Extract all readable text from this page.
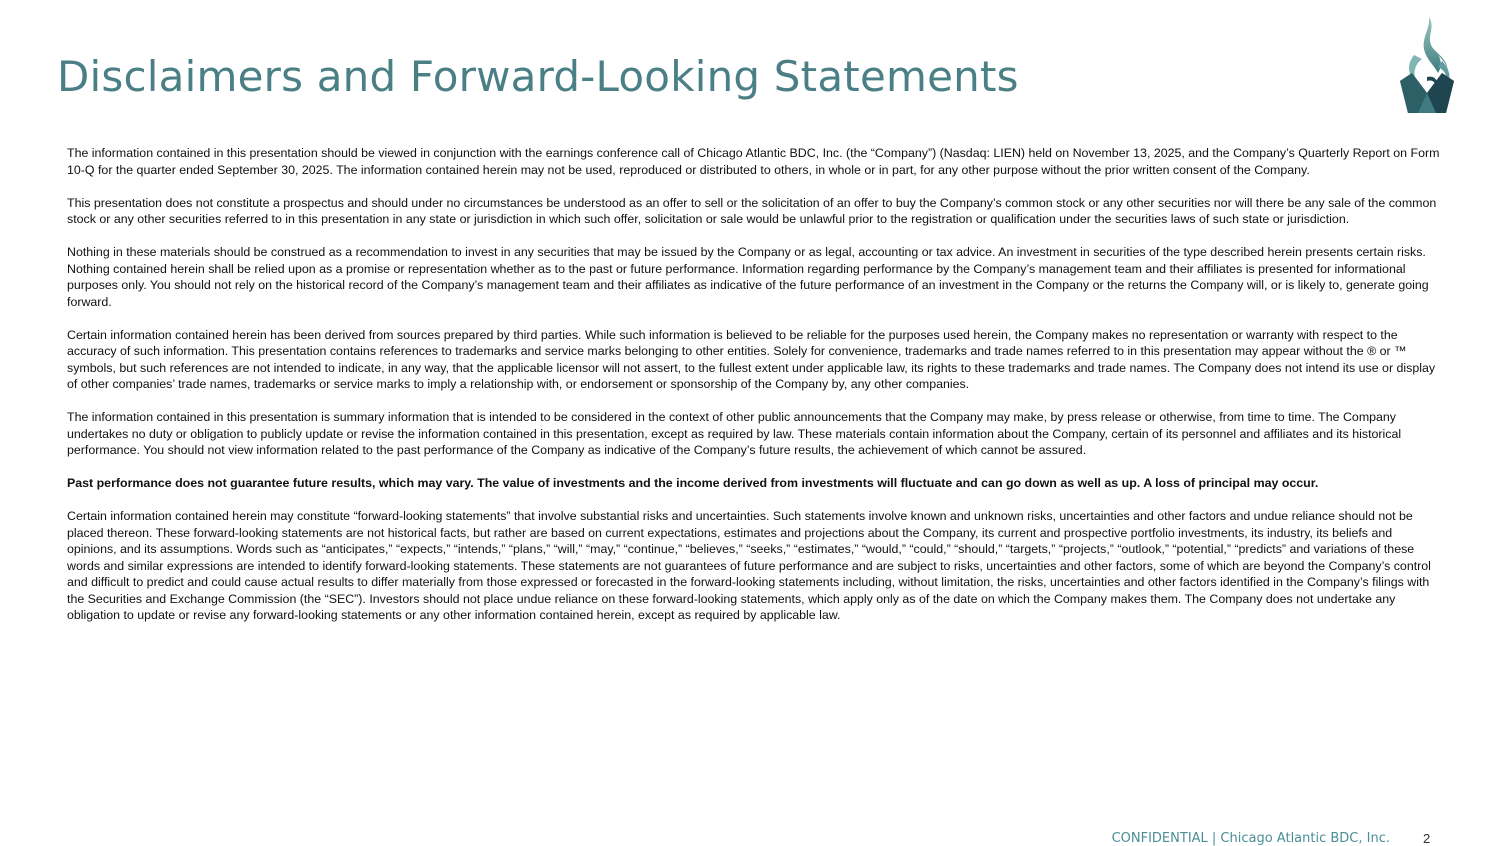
Disclaimers and Forward-Looking Statements

The information contained in this presentation should be viewed in conjunction with the earnings conference call of Chicago Atlantic BDC, Inc. (the “Company”) (Nasdaq: LIEN) held on November 13, 2025, and the Company’s Quarterly Report on Form 10-Q for the quarter ended September 30, 2025. The information contained herein may not be used, reproduced or distributed to others, in whole or in part, for any other purpose without the prior written consent of the Company.

This presentation does not constitute a prospectus and should under no circumstances be understood as an offer to sell or the solicitation of an offer to buy the Company’s common stock or any other securities nor will there be any sale of the common stock or any other securities referred to in this presentation in any state or jurisdiction in which such offer, solicitation or sale would be unlawful prior to the registration or qualification under the securities laws of such state or jurisdiction.

Nothing in these materials should be construed as a recommendation to invest in any securities that may be issued by the Company or as legal, accounting or tax advice. An investment in securities of the type described herein presents certain risks. Nothing contained herein shall be relied upon as a promise or representation whether as to the past or future performance. Information regarding performance by the Company’s management team and their affiliates is presented for informational purposes only. You should not rely on the historical record of the Company’s management team and their affiliates as indicative of the future performance of an investment in the Company or the returns the Company will, or is likely to, generate going forward.

Certain information contained herein has been derived from sources prepared by third parties. While such information is believed to be reliable for the purposes used herein, the Company makes no representation or warranty with respect to the accuracy of such information. This presentation contains references to trademarks and service marks belonging to other entities. Solely for convenience, trademarks and trade names referred to in this presentation may appear without the ® or ™ symbols, but such references are not intended to indicate, in any way, that the applicable licensor will not assert, to the fullest extent under applicable law, its rights to these trademarks and trade names. The Company does not intend its use or display of other companies’ trade names, trademarks or service marks to imply a relationship with, or endorsement or sponsorship of the Company by, any other companies.

The information contained in this presentation is summary information that is intended to be considered in the context of other public announcements that the Company may make, by press release or otherwise, from time to time. The Company undertakes no duty or obligation to publicly update or revise the information contained in this presentation, except as required by law. These materials contain information about the Company, certain of its personnel and affiliates and its historical performance. You should not view information related to the past performance of the Company as indicative of the Company’s future results, the achievement of which cannot be assured.

Past performance does not guarantee future results, which may vary. The value of investments and the income derived from investments will fluctuate and can go down as well as up. A loss of principal may occur.

Certain information contained herein may constitute “forward-looking statements” that involve substantial risks and uncertainties. Such statements involve known and unknown risks, uncertainties and other factors and undue reliance should not be placed thereon. These forward-looking statements are not historical facts, but rather are based on current expectations, estimates and projections about the Company, its current and prospective portfolio investments, its industry, its beliefs and opinions, and its assumptions. Words such as “anticipates,” “expects,” “intends,” “plans,” “will,” “may,” “continue,” “believes,” “seeks,” “estimates,” “would,” “could,” “should,” “targets,” “projects,” “outlook,” “potential,” “predicts” and variations of these words and similar expressions are intended to identify forward-looking statements. These statements are not guarantees of future performance and are subject to risks, uncertainties and other factors, some of which are beyond the Company’s control and difficult to predict and could cause actual results to differ materially from those expressed or forecasted in the forward-looking statements including, without limitation, the risks, uncertainties and other factors identified in the Company’s filings with the Securities and Exchange Commission (the “SEC”). Investors should not place undue reliance on these forward-looking statements, which apply only as of the date on which the Company makes them. The Company does not undertake any obligation to update or revise any forward-looking statements or any other information contained herein, except as required by applicable law.

CONFIDENTIAL | Chicago Atlantic BDC, Inc.	2
